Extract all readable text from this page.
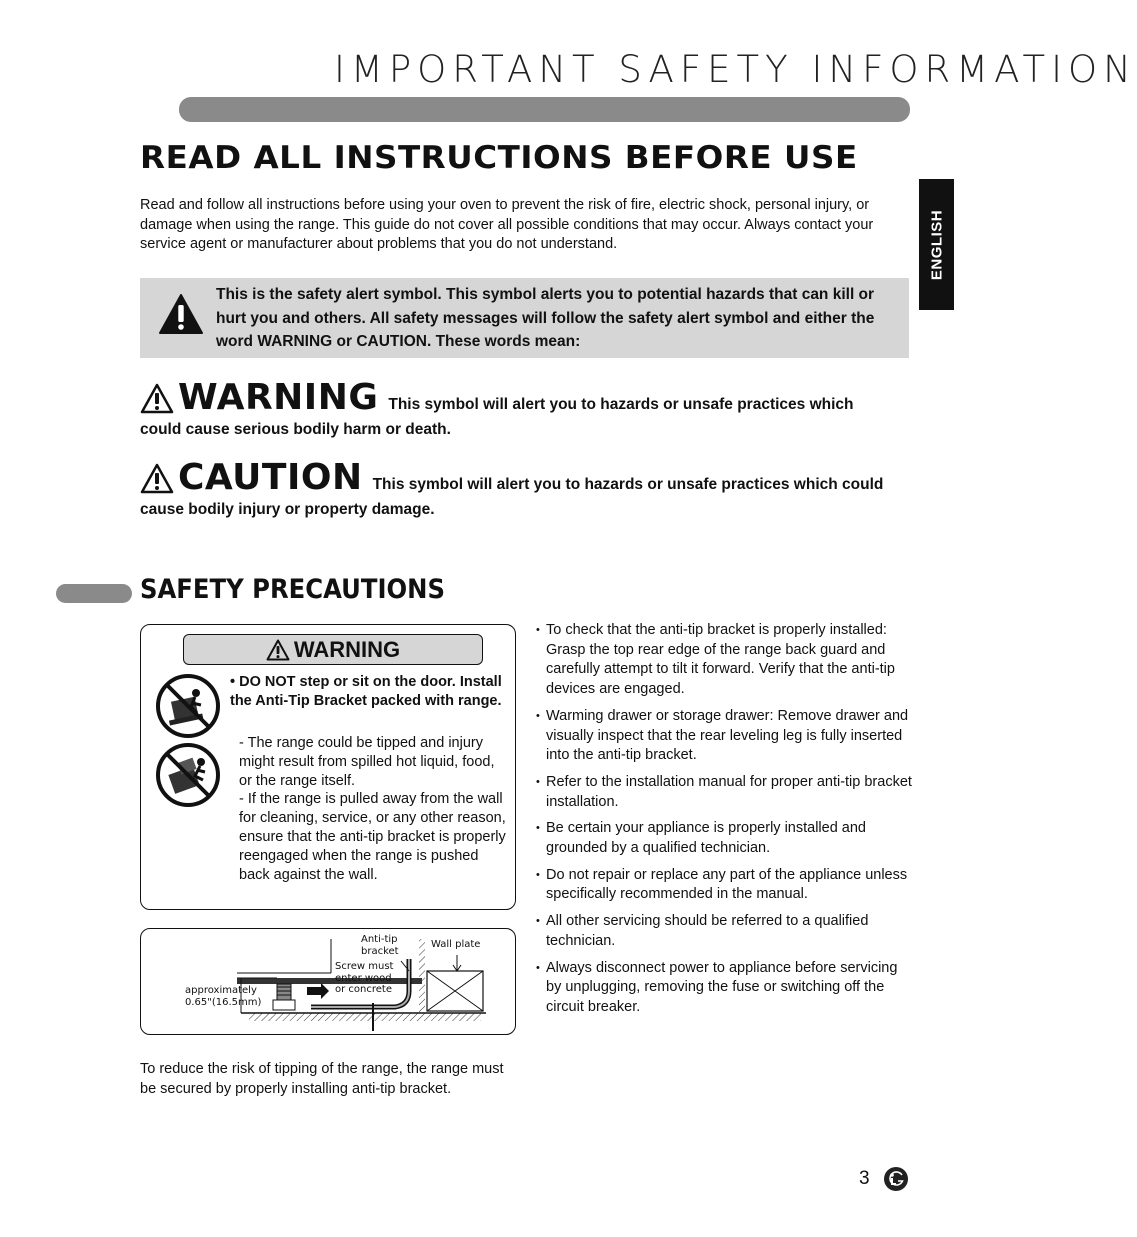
IMPORTANT SAFETY INFORMATION
ENGLISH
READ ALL INSTRUCTIONS BEFORE USE
Read and follow all instructions before using your oven to prevent the risk of fire, electric shock, personal injury, or damage when using the range. This guide do not cover all possible conditions that may occur. Always contact your service agent or manufacturer about problems that you do not understand.
This is the safety alert symbol. This symbol alerts you to potential hazards that can kill or hurt you and others. All safety messages will follow the safety alert symbol and either the word WARNING or CAUTION. These words mean:
WARNING This symbol will alert you to hazards or unsafe practices which
could cause serious bodily harm or death.
CAUTION This symbol will alert you to hazards or unsafe practices which could
cause bodily injury or property damage.
SAFETY PRECAUTIONS
WARNING
• DO NOT step or sit on the door. Install the Anti-Tip Bracket packed with range.
- The range could be tipped and injury might result from spilled hot liquid, food, or the range itself.
- If the range is pulled away from the wall for cleaning, service, or any other reason, ensure that the anti-tip bracket is properly reengaged when the range is pushed back against the wall.
Anti-tip
bracket
Wall plate
Screw must
enter wood
or concrete
approximately
0.65"(16.5mm)
To reduce the risk of tipping of the range, the range must be secured by properly installing anti-tip bracket.
• To check that the anti-tip bracket is properly installed:
Grasp the top rear edge of the range back guard and carefully attempt to tilt it forward. Verify that the anti-tip devices are engaged.
• Warming drawer or storage drawer: Remove drawer and visually inspect that the rear leveling leg is fully inserted into the anti-tip bracket.
• Refer to the installation manual for proper anti-tip bracket installation.
• Be certain your appliance is properly installed and grounded by a qualified technician.
• Do not repair or replace any part of the appliance unless specifically recommended in the manual.
• All other servicing should be referred to a qualified technician.
• Always disconnect power to appliance before servicing by unplugging, removing the fuse or switching off the circuit breaker.
3
